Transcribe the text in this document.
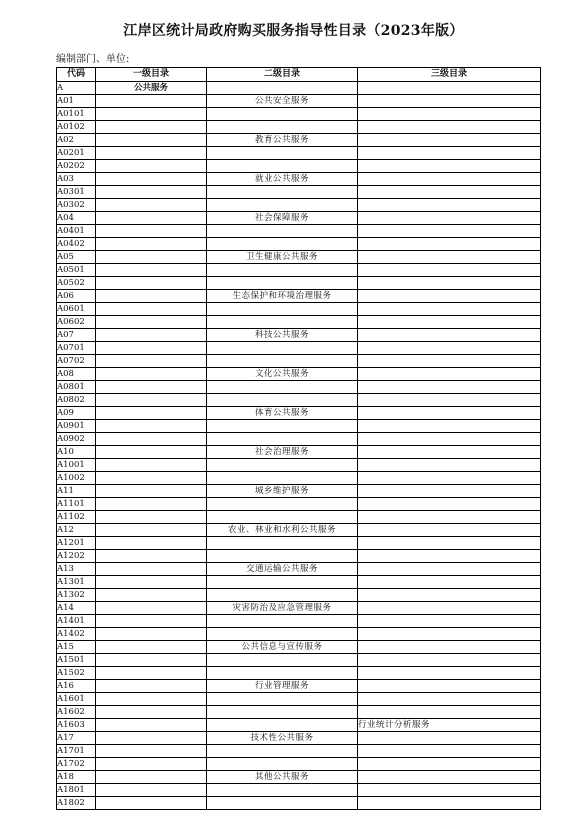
江岸区统计局政府购买服务指导性目录（2023年版）
编制部门、单位:
代码	一级目录	二级目录	三级目录
A	公共服务		
A01		公共安全服务	
A0101			
A0102			
A02		教育公共服务	
A0201			
A0202			
A03		就业公共服务	
A0301			
A0302			
A04		社会保障服务	
A0401			
A0402			
A05		卫生健康公共服务	
A0501			
A0502			
A06		生态保护和环境治理服务	
A0601			
A0602			
A07		科技公共服务	
A0701			
A0702			
A08		文化公共服务	
A0801			
A0802			
A09		体育公共服务	
A0901			
A0902			
A10		社会治理服务	
A1001			
A1002			
A11		城乡维护服务	
A1101			
A1102			
A12		农业、林业和水利公共服务	
A1201			
A1202			
A13		交通运输公共服务	
A1301			
A1302			
A14		灾害防治及应急管理服务	
A1401			
A1402			
A15		公共信息与宣传服务	
A1501			
A1502			
A16		行业管理服务	
A1601			
A1602			
A1603			行业统计分析服务
A17		技术性公共服务	
A1701			
A1702			
A18		其他公共服务	
A1801			
A1802			
